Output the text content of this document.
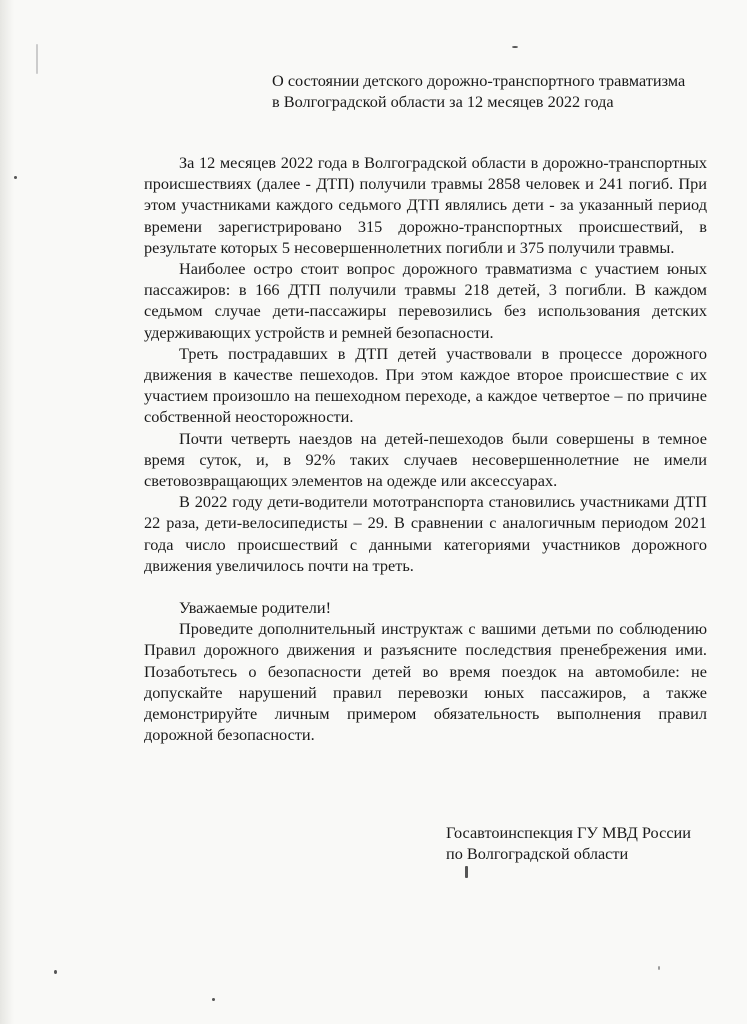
О состоянии детского дорожно-транспортного травматизма
в Волгоградской области за 12 месяцев 2022 года

За 12 месяцев 2022 года в Волгоградской области в дорожно-транспортных происшествиях (далее - ДТП) получили травмы 2858 человек и 241 погиб. При этом участниками каждого седьмого ДТП являлись дети - за указанный период времени зарегистрировано 315 дорожно-транспортных происшествий, в результате которых 5 несовершеннолетних погибли и 375 получили травмы.

Наиболее остро стоит вопрос дорожного травматизма с участием юных пассажиров: в 166 ДТП получили травмы 218 детей, 3 погибли. В каждом седьмом случае дети-пассажиры перевозились без использования детских удерживающих устройств и ремней безопасности.

Треть пострадавших в ДТП детей участвовали в процессе дорожного движения в качестве пешеходов. При этом каждое второе происшествие с их участием произошло на пешеходном переходе, а каждое четвертое – по причине собственной неосторожности.

Почти четверть наездов на детей-пешеходов были совершены в темное время суток, и, в 92% таких случаев несовершеннолетние не имели световозвращающих элементов на одежде или аксессуарах.

В 2022 году дети-водители мототранспорта становились участниками ДТП 22 раза, дети-велосипедисты – 29. В сравнении с аналогичным периодом 2021 года число происшествий с данными категориями участников дорожного движения увеличилось почти на треть.

Уважаемые родители!

Проведите дополнительный инструктаж с вашими детьми по соблюдению Правил дорожного движения и разъясните последствия пренебрежения ими. Позаботьтесь о безопасности детей во время поездок на автомобиле: не допускайте нарушений правил перевозки юных пассажиров, а также демонстрируйте личным примером обязательность выполнения правил дорожной безопасности.

Госавтоинспекция ГУ МВД России
по Волгоградской области
